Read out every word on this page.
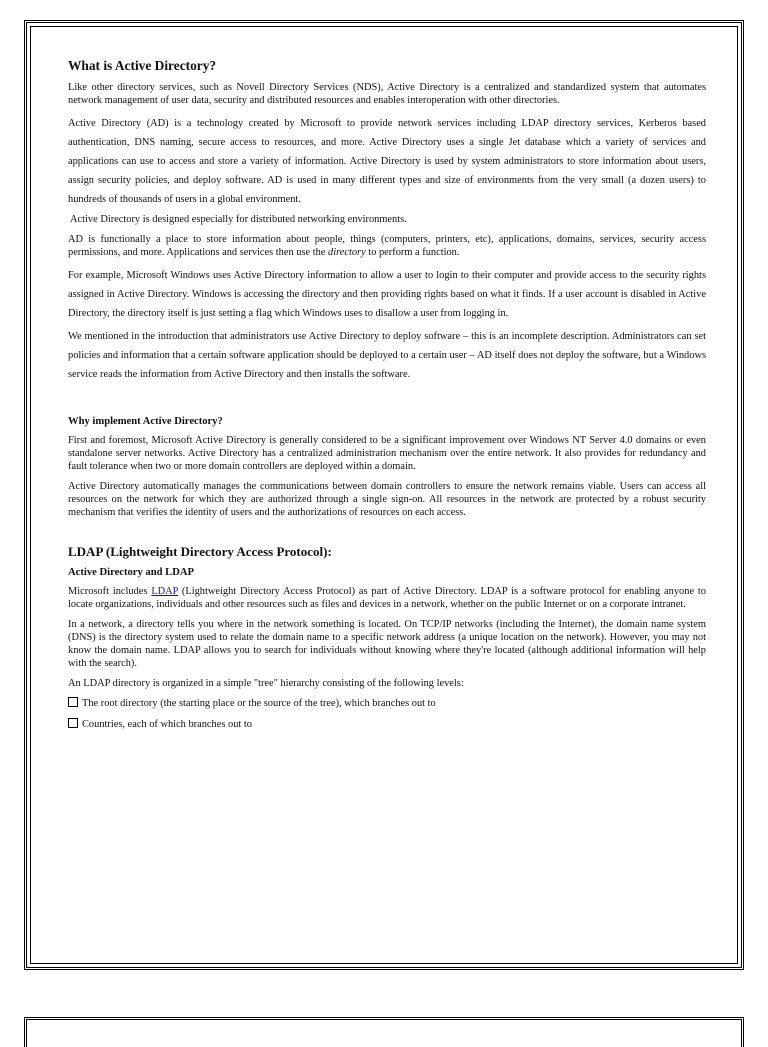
What is Active Directory?

Like other directory services, such as Novell Directory Services (NDS), Active Directory is a centralized and standardized system that automates network management of user data, security and distributed resources and enables interoperation with other directories.

Active Directory (AD) is a technology created by Microsoft to provide network services including LDAP directory services, Kerberos based authentication, DNS naming, secure access to resources, and more. Active Directory uses a single Jet database which a variety of services and applications can use to access and store a variety of information. Active Directory is used by system administrators to store information about users, assign security policies, and deploy software. AD is used in many different types and size of environments from the very small (a dozen users) to hundreds of thousands of users in a global environment.

Active Directory is designed especially for distributed networking environments.

AD is functionally a place to store information about people, things (computers, printers, etc), applications, domains, services, security access permissions, and more. Applications and services then use the directory to perform a function.

For example, Microsoft Windows uses Active Directory information to allow a user to login to their computer and provide access to the security rights assigned in Active Directory. Windows is accessing the directory and then providing rights based on what it finds. If a user account is disabled in Active Directory, the directory itself is just setting a flag which Windows uses to disallow a user from logging in.

We mentioned in the introduction that administrators use Active Directory to deploy software – this is an incomplete description. Administrators can set policies and information that a certain software application should be deployed to a certain user – AD itself does not deploy the software, but a Windows service reads the information from Active Directory and then installs the software.

Why implement Active Directory?

First and foremost, Microsoft Active Directory is generally considered to be a significant improvement over Windows NT Server 4.0 domains or even standalone server networks. Active Directory has a centralized administration mechanism over the entire network. It also provides for redundancy and fault tolerance when two or more domain controllers are deployed within a domain.

Active Directory automatically manages the communications between domain controllers to ensure the network remains viable. Users can access all resources on the network for which they are authorized through a single sign-on. All resources in the network are protected by a robust security mechanism that verifies the identity of users and the authorizations of resources on each access.

LDAP (Lightweight Directory Access Protocol):
Active Directory and LDAP

Microsoft includes LDAP (Lightweight Directory Access Protocol) as part of Active Directory. LDAP is a software protocol for enabling anyone to locate organizations, individuals and other resources such as files and devices in a network, whether on the public Internet or on a corporate intranet.

In a network, a directory tells you where in the network something is located. On TCP/IP networks (including the Internet), the domain name system (DNS) is the directory system used to relate the domain name to a specific network address (a unique location on the network). However, you may not know the domain name. LDAP allows you to search for individuals without knowing where they're located (although additional information will help with the search).

An LDAP directory is organized in a simple "tree" hierarchy consisting of the following levels:

The root directory (the starting place or the source of the tree), which branches out to

Countries, each of which branches out to
